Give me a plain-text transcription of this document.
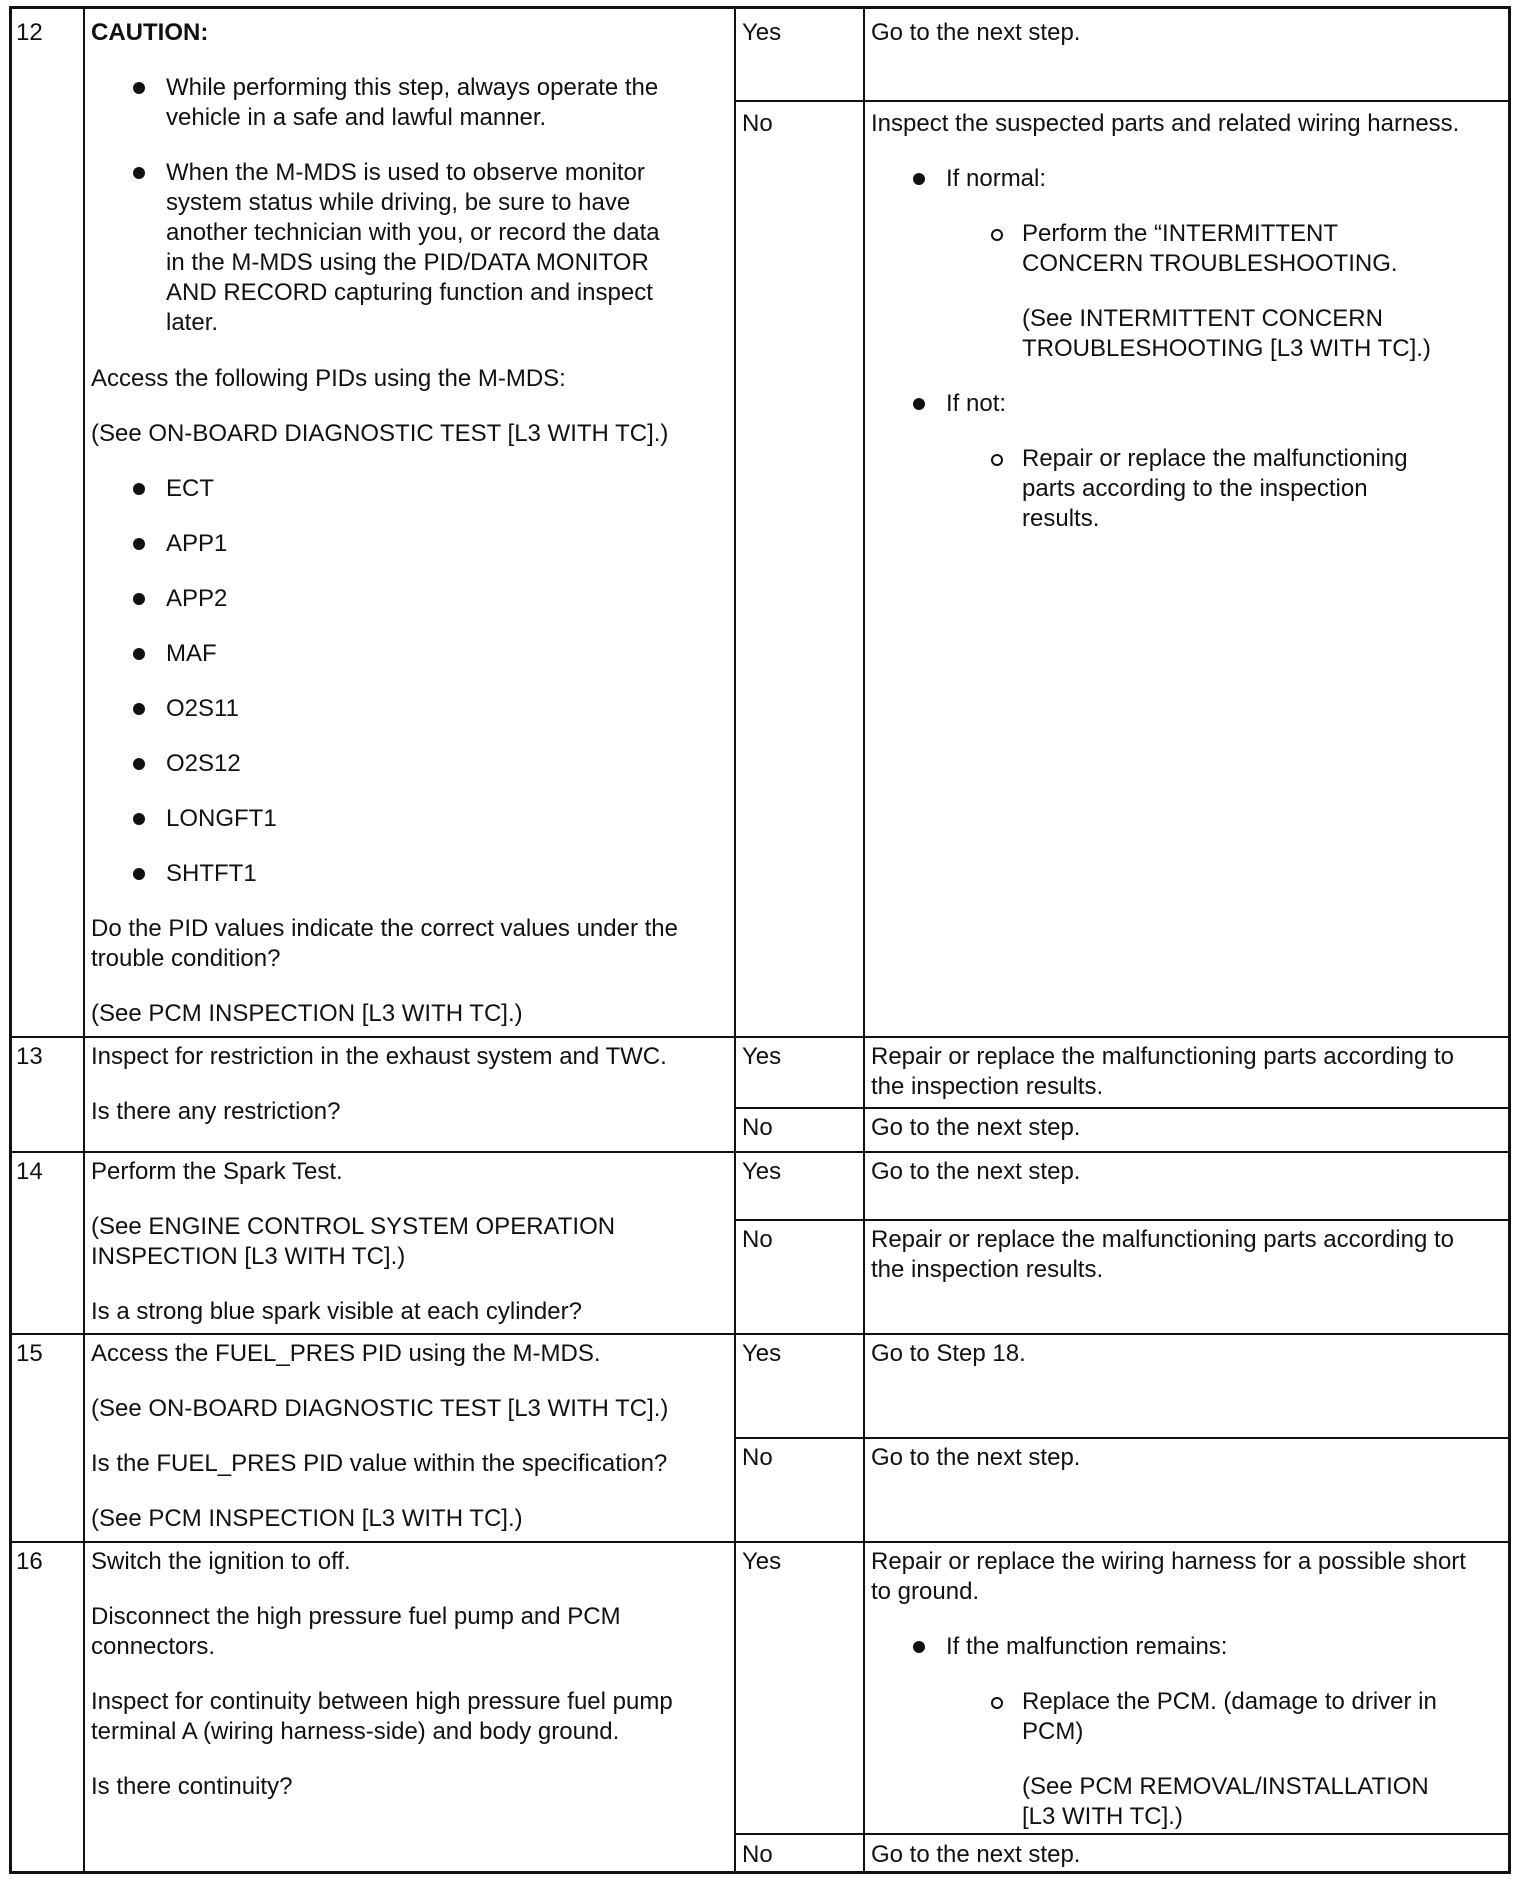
12 CAUTION:
While performing this step, always operate the
vehicle in a safe and lawful manner.
When the M-MDS is used to observe monitor
system status while driving, be sure to have
another technician with you, or record the data
in the M-MDS using the PID/DATA MONITOR
AND RECORD capturing function and inspect
later.
Access the following PIDs using the M-MDS:
(See ON-BOARD DIAGNOSTIC TEST [L3 WITH TC].)
ECT
APP1
APP2
MAF
O2S11
O2S12
LONGFT1
SHTFT1
Do the PID values indicate the correct values under the
trouble condition?
(See PCM INSPECTION [L3 WITH TC].)
Yes	Go to the next step.
No	Inspect the suspected parts and related wiring harness.
If normal:
Perform the “INTERMITTENT
CONCERN TROUBLESHOOTING.
(See INTERMITTENT CONCERN
TROUBLESHOOTING [L3 WITH TC].)
If not:
Repair or replace the malfunctioning
parts according to the inspection
results.
13 Inspect for restriction in the exhaust system and TWC.
Is there any restriction?
Yes	Repair or replace the malfunctioning parts according to
the inspection results.
No	Go to the next step.
14 Perform the Spark Test.
(See ENGINE CONTROL SYSTEM OPERATION
INSPECTION [L3 WITH TC].)
Is a strong blue spark visible at each cylinder?
Yes	Go to the next step.
No	Repair or replace the malfunctioning parts according to
the inspection results.
15 Access the FUEL_PRES PID using the M-MDS.
(See ON-BOARD DIAGNOSTIC TEST [L3 WITH TC].)
Is the FUEL_PRES PID value within the specification?
(See PCM INSPECTION [L3 WITH TC].)
Yes	Go to Step 18.
No	Go to the next step.
16 Switch the ignition to off.
Disconnect the high pressure fuel pump and PCM
connectors.
Inspect for continuity between high pressure fuel pump
terminal A (wiring harness-side) and body ground.
Is there continuity?
Yes	Repair or replace the wiring harness for a possible short
to ground.
If the malfunction remains:
Replace the PCM. (damage to driver in
PCM)
(See PCM REMOVAL/INSTALLATION
[L3 WITH TC].)
No	Go to the next step.
